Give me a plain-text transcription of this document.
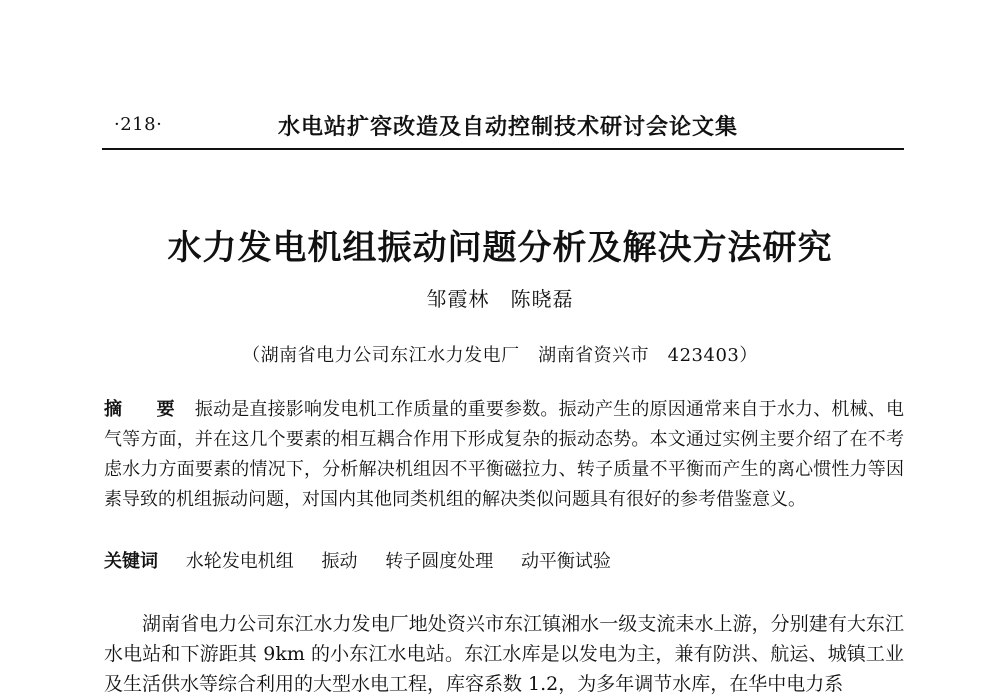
·218·	水电站扩容改造及自动控制技术研讨会论文集
水力发电机组振动问题分析及解决方法研究
邹霞林　陈晓磊
（湖南省电力公司东江水力发电厂　湖南省资兴市　423403）
摘 要 振动是直接影响发电机工作质量的重要参数。振动产生的原因通常来自于水力、机械、电气等方面，并在这几个要素的相互耦合作用下形成复杂的振动态势。本文通过实例主要介绍了在不考虑水力方面要素的情况下，分析解决机组因不平衡磁拉力、转子质量不平衡而产生的离心惯性力等因素导致的机组振动问题，对国内其他同类机组的解决类似问题具有很好的参考借鉴意义。
关键词 水轮发电机组 振动 转子圆度处理 动平衡试验

湖南省电力公司东江水力发电厂地处资兴市东江镇湘水一级支流耒水上游，分别建有大东江水电站和下游距其 9km 的小东江水电站。东江水库是以发电为主，兼有防洪、航运、城镇工业及生活供水等综合利用的大型水电工程，库容系数 1.2，为多年调节水库，在华中电力系
